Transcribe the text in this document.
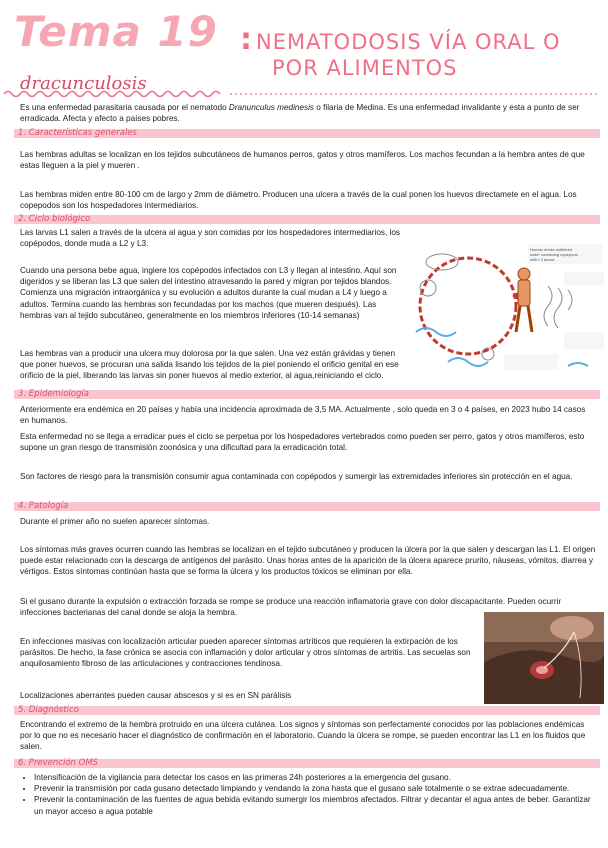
Tema 19 : NEMATODOSIS VÍA ORAL O
POR ALIMENTOS
dracunculosis
Es una enfermedad parasitaria causada por el nematodo Dranunculus medinesis o filaria de Medina. Es una enfermedad invalidante y esta a punto de ser erradicada. Afecta y afecto a países pobres.
1. Características generales
Las hembras adultas se localizan en los tejidos subcutáneos de humanos perros, gatos y otros mamíferos. Los machos fecundan a la hembra antes de que estas lleguen a la piel y mueren .
Las hembras miden entre 80-100 cm de largo y 2mm de diámetro. Producen una ulcera a través de la cual ponen los huevos directamete en el agua. Los copepodos son los hospedadores intermediarios.
2. Ciclo biológico
Las larvas L1 salen a través de la ulcera al agua y son comidas por los hospedadores intermediarios, los copépodos, donde muda a L2 y L3.
Cuando una persona bebe agua, ingiere los copépodos infectados con L3 y llegan al intestino. Aquí son digeridos y se liberan las L3 que salen del intestino atravesando la pared y migran por tejidos blandos. Comienza una migración intraorgánica y su evolución a adultos durante la cual mudan a L4 y luego a adultos. Termina cuando las hembras son fecundadas por los machos (que mueren después). Las hembras van al tejido subcutáneo, generalmente en los miembros inferiores (10-14 semanas)
Las hembras van a producir una ulcera muy dolorosa por la que salen. Una vez están grávidas y tienen que poner huevos, se procuran una salida lisando los tejidos de la piel poniendo el orificio genital en ese orificio de la piel, liberando las larvas sin poner huevos al medio exterior, al agua,reiniciando el ciclo.
Human drinks unfiltered
water containing copepods
with L3 larvae
3. Epidemiología
Anteriormente era endémica en 20 países y había una incidencia aproximada de 3,5 MA. Actualmente , solo queda en 3 o 4 países, en 2023 hubo 14 casos en humanos.
Esta enfermedad no se llega a erradicar pues el ciclo se perpetua por los hospedadores vertebrados como pueden ser perro, gatos y otros mamíferos, esto supone un gran riesgo de transmisión zoonósica y una dificultad para la erradicación total.
Son factores de riesgo para la transmisión consumir agua contaminada con copépodos y sumergir las extremidades inferiores sin protección en el agua.
4. Patología
Durante el primer año no suelen aparecer síntomas.
Los síntomas más graves ocurren cuando las hembras se localizan en el tejido subcutáneo y producen la úlcera por la que salen y descargan las L1. El origen puede estar relacionado con la descarga de antígenos del parásito. Unas horas antes de la aparición de la úlcera aparece prurito, náuseas, vómitos, diarrea y vértigos. Estos síntomas continúan hasta que se forma la úlcera y los productos tóxicos se eliminan por ella.
Si el gusano durante la expulsión o extracción forzada se rompe se produce una reacción inflamatoria grave con dolor discapacitante. Pueden ocurrir infecciones bacterianas del canal donde se aloja la hembra.
En infecciones masivas con localización articular pueden aparecer síntomas artríticos que requieren la extirpación de los parásitos. De hecho, la fase crónica se asocia con inflamación y dolor articular y otros síntomas de artritis. Las secuelas son anquilosamiento fibroso de las articulaciones y contracciones tendinosa.
Localizaciones aberrantes pueden causar abscesos y si es en SN parálisis
5. Diagnóstico
Encontrando el extremo de la hembra protruido en una úlcera cutánea. Los signos y síntomas son perfectamente conocidos por las poblaciones endémicas por lo que no es necesario hacer el diagnóstico de confirmación en el laboratorio. Cuando la úlcera se rompe, se pueden encontrar las L1 en los fluidos que salen.
6. Prevención OMS
• Intensificación de la vigilancia para detectar los casos en las primeras 24h posteriores a la emergencia del gusano.
• Prevenir la transmisión por cada gusano detectado limpiando y vendando la zona hasta que el gusano sale totalmente o se extrae adecuadamente.
• Prevenir la contaminación de las fuentes de agua bebida evitando sumergir los miembros afectados. Filtrar y decantar el agua antes de beber. Garantizar un mayor acceso a agua potable
